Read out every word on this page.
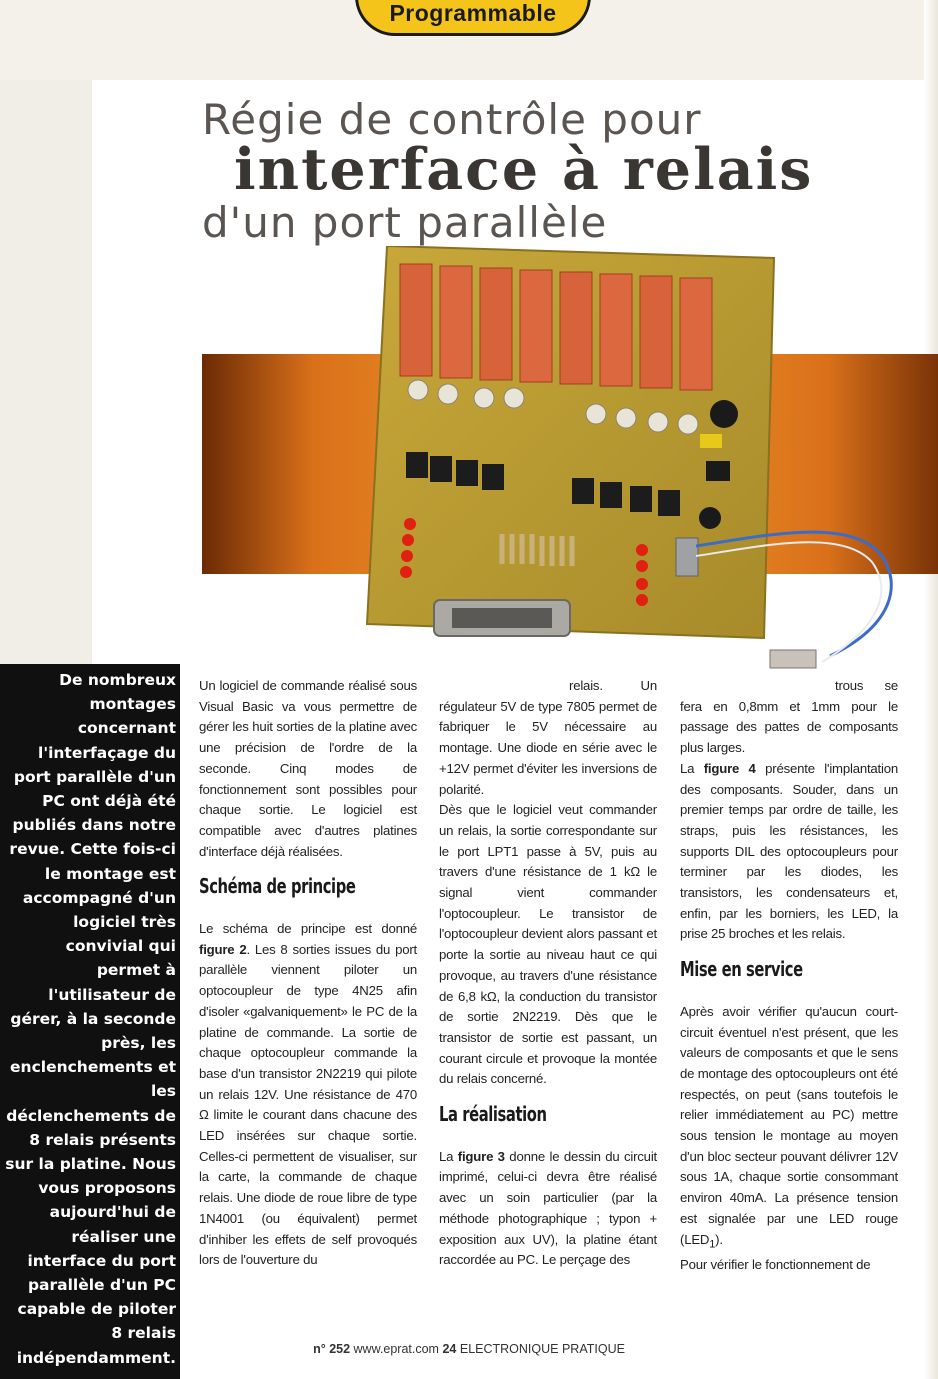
Programmable
Régie de contrôle pour
interface à relais
d'un port parallèle

De nombreux montages concernant l'interfaçage du port parallèle d'un PC ont déjà été publiés dans notre revue. Cette fois-ci le montage est accompagné d'un logiciel très convivial qui permet à l'utilisateur de gérer, à la seconde près, les enclenchements et les déclenchements de 8 relais présents sur la platine. Nous vous proposons aujourd'hui de réaliser une interface du port parallèle d'un PC capable de piloter 8 relais indépendamment.

Un logiciel de commande réalisé sous Visual Basic va vous permettre de gérer les huit sorties de la platine avec une précision de l'ordre de la seconde. Cinq modes de fonctionnement sont possibles pour chaque sortie. Le logiciel est compatible avec d'autres platines d'interface déjà réalisées.

Schéma de principe

Le schéma de principe est donné figure 2. Les 8 sorties issues du port parallèle viennent piloter un optocoupleur de type 4N25 afin d'isoler «galvaniquement» le PC de la platine de commande. La sortie de chaque optocoupleur commande la base d'un transistor 2N2219 qui pilote un relais 12V. Une résistance de 470 Ω limite le courant dans chacune des LED insérées sur chaque sortie. Celles-ci permettent de visualiser, sur la carte, la commande de chaque relais. Une diode de roue libre de type 1N4001 (ou équivalent) permet d'inhiber les effets de self provoqués lors de l'ouverture du

relais. Un régulateur 5V de type 7805 permet de fabriquer le 5V nécessaire au montage. Une diode en série avec le +12V permet d'éviter les inversions de polarité.

Dès que le logiciel veut commander un relais, la sortie correspondante sur le port LPT1 passe à 5V, puis au travers d'une résistance de 1 kΩ le signal vient commander l'optocoupleur. Le transistor de l'optocoupleur devient alors passant et porte la sortie au niveau haut ce qui provoque, au travers d'une résistance de 6,8 kΩ, la conduction du transistor de sortie 2N2219. Dès que le transistor de sortie est passant, un courant circule et provoque la montée du relais concerné.

La réalisation

La figure 3 donne le dessin du circuit imprimé, celui-ci devra être réalisé avec un soin particulier (par la méthode photographique ; typon + exposition aux UV), la platine étant raccordée au PC. Le perçage des

trous se fera en 0,8mm et 1mm pour le passage des pattes de composants plus larges.

La figure 4 présente l'implantation des composants. Souder, dans un premier temps par ordre de taille, les straps, puis les résistances, les supports DIL des optocoupleurs pour terminer par les diodes, les transistors, les condensateurs et, enfin, par les borniers, les LED, la prise 25 broches et les relais.

Mise en service

Après avoir vérifier qu'aucun court-circuit éventuel n'est présent, que les valeurs de composants et que le sens de montage des optocoupleurs ont été respectés, on peut (sans toutefois le relier immédiatement au PC) mettre sous tension le montage au moyen d'un bloc secteur pouvant délivrer 12V sous 1A, chaque sortie consommant environ 40mA. La présence tension est signalée par une LED rouge $(LED_1)$.

Pour vérifier le fonctionnement de

n° 252 www.eprat.com 24 ELECTRONIQUE PRATIQUE
